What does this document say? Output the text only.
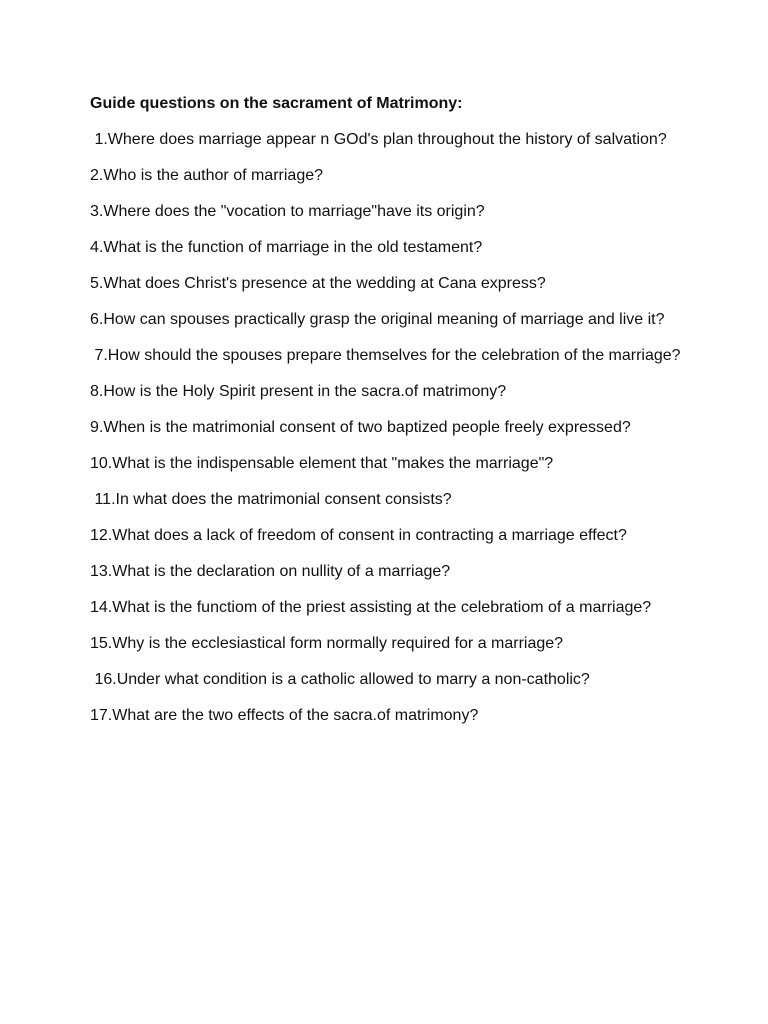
Guide questions on the sacrament of Matrimony:
1.Where does marriage appear n GOd's plan throughout the history of salvation?
2.Who is the author of marriage?
3.Where does the "vocation to marriage"have its origin?
4.What is the function of marriage in the old testament?
5.What does Christ's presence at the wedding at Cana express?
6.How can spouses practically grasp the original meaning of marriage and live it?
7.How should the spouses prepare themselves for the celebration of the marriage?
8.How is the Holy Spirit present in the sacra.of matrimony?
9.When is the matrimonial consent of two baptized people freely expressed?
10.What is the indispensable element that "makes the marriage"?
11.In what does the matrimonial consent consists?
12.What does a lack of freedom of consent in contracting a marriage effect?
13.What is the declaration on nullity of a marriage?
14.What is the functiom of the priest assisting at the celebratiom of a marriage?
15.Why is the ecclesiastical form normally required for a marriage?
16.Under what condition is a catholic allowed to marry a non-catholic?
17.What are the two effects of the sacra.of matrimony?
